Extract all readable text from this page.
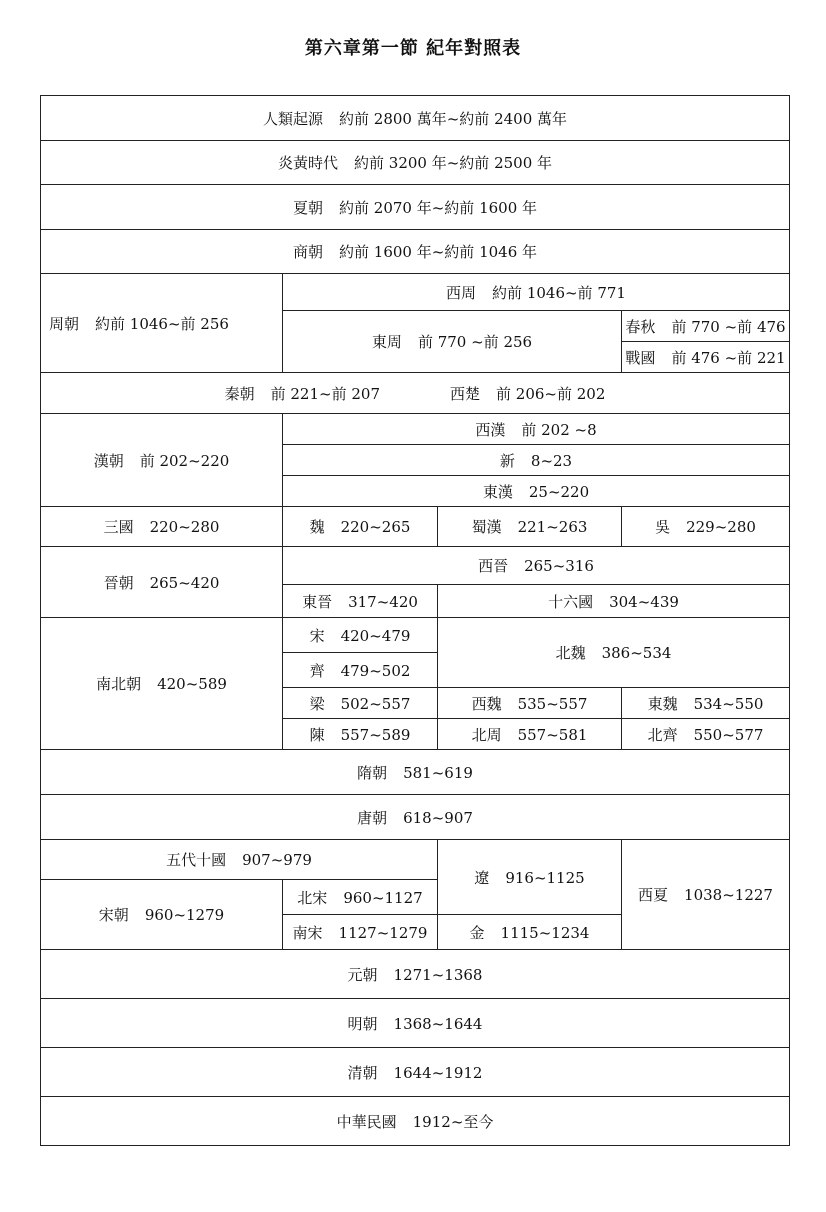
第六章第一節 紀年對照表
人類起源 約前 2800 萬年~約前 2400 萬年			
炎黃時代 約前 3200 年~約前 2500 年			
夏朝 約前 2070 年~約前 1600 年			
商朝 約前 1600 年~約前 1046 年			
周朝 約前 1046~前 256	西周 約前 1046~前 771		
	東周 前 770 ~前 256		春秋 前 770 ~前 476
			戰國 前 476 ~前 221
秦朝 前 221~前 207 西楚 前 206~前 202			
漢朝 前 202~220	西漢 前 202 ~8		
	新 8~23		
	東漢 25~220		
三國 220~280	魏 220~265	蜀漢 221~263	吳 229~280
晉朝 265~420	西晉 265~316		
	東晉 317~420	十六國 304~439	
南北朝 420~589	宋 420~479	北魏 386~534	
	齊 479~502		
	梁 502~557	西魏 535~557	東魏 534~550
	陳 557~589	北周 557~581	北齊 550~577
隋朝 581~619			
唐朝 618~907			
五代十國 907~979		遼 916~1125	西夏 1038~1227
宋朝 960~1279	北宋 960~1127		
	南宋 1127~1279	金 1115~1234	
元朝 1271~1368			
明朝 1368~1644			
清朝 1644~1912			
中華民國 1912~至今			
